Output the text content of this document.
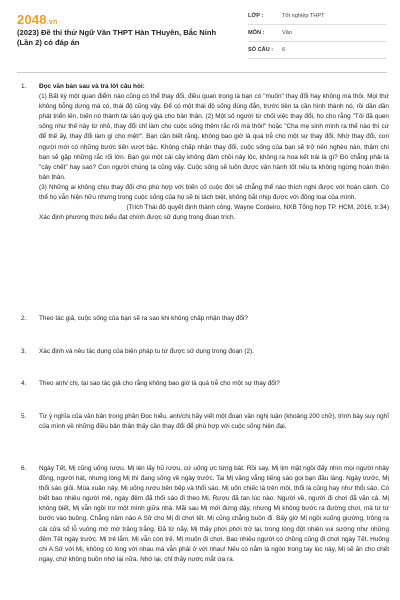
2048.vn
(2023) Đề thi thử Ngữ Văn THPT Hàn THuyên, Bắc Ninh (Lần 2) có đáp án
LỚP :	Tốt nghiệp THPT
MÔN :	Văn
SỐ CÂU :	6
1. Đọc văn bản sau và trả lời câu hỏi:

(1) Bất kỳ một quan điểm nào cũng có thể thay đổi, điều quan trọng là bạn có "muốn" thay đổi hay không mà thôi. Mọi thứ không bỗng dưng mà có, thái độ cũng vậy. Để có một thái độ sống đúng đắn, trước tiên ta cần hình thành nó, rồi dần dần phát triển lên, biến nó thành tài sản quý giá cho bản thân. (2) Một số người từ chối việc thay đổi, họ cho rằng "Tôi đã quen sống như thế này từ nhỏ, thay đổi chỉ làm cho cuộc sống thêm rắc rối mà thôi!" hoặc "Cha mẹ sinh mình ra thế nào thì cứ để thế ấy, thay đổi làm gì cho mệt!". Bạn cần biết rằng, không bao giờ là quá trễ cho một sự thay đổi. Nhờ thay đổi, con người mới có những bước tiến vượt bậc. Không chấp nhận thay đổi, cuộc sống của bạn sẽ trở nên nghèo nàn, thậm chí bạn sẽ gặp những rắc rối lớn. Bạn gọi một cái cây không đâm chồi nảy lộc, không ra hoa kết trái là gì? Đó chẳng phải là "cây chết" hay sao? Con người chúng ta cũng vậy. Cuộc sống sẽ luôn được vận hành tốt nếu ta không ngừng hoàn thiện bản thân.

(3) Những ai không chịu thay đổi cho phù hợp với biến cố cuộc đời sẽ chẳng thể nào thích nghi được với hoàn cảnh. Có thể họ vẫn hiện hữu nhưng trong cuộc sống của họ sẽ bị tách biệt, không bắt nhịp được với đồng loại của mình.

(Trích Thái độ quyết định thành công, Wayne Cordeiro, NXB Tổng hợp TP. HCM, 2016, tr.34)

Xác định phương thức biểu đạt chính được sử dụng trong đoạn trích.

2. Theo tác giả, cuộc sống của bạn sẽ ra sao khi không chấp nhận thay đổi?
3. Xác định và nêu tác dụng của biện pháp tu từ được sử dụng trong đoạn (2).
4. Theo anh/ chị, tại sao tác giả cho rằng không bao giờ là quá trễ cho một sự thay đổi?
5. Từ ý nghĩa của văn bản trong phần Đọc hiểu, anh/chị hãy viết một đoạn văn nghị luận (khoảng 200 chữ), trình bày suy nghĩ của mình về những điều bản thân thấy cần thay đổi để phù hợp với cuộc sống hiện đại.
6. Ngày Tết, Mị cũng uống rượu. Mị lén lấy hũ rượu, cứ uống ực từng bát. Rồi say, Mị lịm mặt ngồi đấy nhìn mọi người nhảy đồng, người hát, nhưng lòng Mị thì đang sống về ngày trước. Tai Mị văng vẳng tiếng sáo gọi bạn đầu làng. Ngày trước, Mị thổi sáo giỏi. Mùa xuân này, Mị uống rượu bên bếp và thổi sáo. Mị uốn chiếc lá trên môi, thổi lá cũng hay như thổi sáo. Có biết bao nhiêu người mê, ngày đêm đã thổi sáo đi theo Mị. Rượu đã tan lúc nào. Người về, người đi chơi đã vãn cả. Mị không biết, Mị vẫn ngồi trơ một mình giữa nhà. Mãi sau Mị mới đứng dậy, nhưng Mị không bước ra đường chơi, mà từ từ bước vào buồng. Chẳng năm nào A Sử cho Mị đi chơi tết. Mị cũng chẳng buồn đi. Bấy giờ Mị ngồi xuống giường, trông ra cái cửa sổ lỗ vuông mờ mờ trăng trắng. Đã từ nãy, Mị thấy phơi phới trở lại, trong lòng đột nhiên vui sướng như những đêm Tết ngày trước. Mị trẻ lắm. Mị vẫn còn trẻ. Mị muốn đi chơi. Bao nhiêu người có chồng cũng đi chơi ngày Tết. Huống chi A Sử với Mị, không có lòng với nhau mà vẫn phải ở với nhau! Nếu có nắm lá ngón trong tay lúc này, Mị sẽ ăn cho chết ngay, chứ không buồn nhớ lại nữa. Nhớ lại, chỉ thấy nước mắt ứa ra.
